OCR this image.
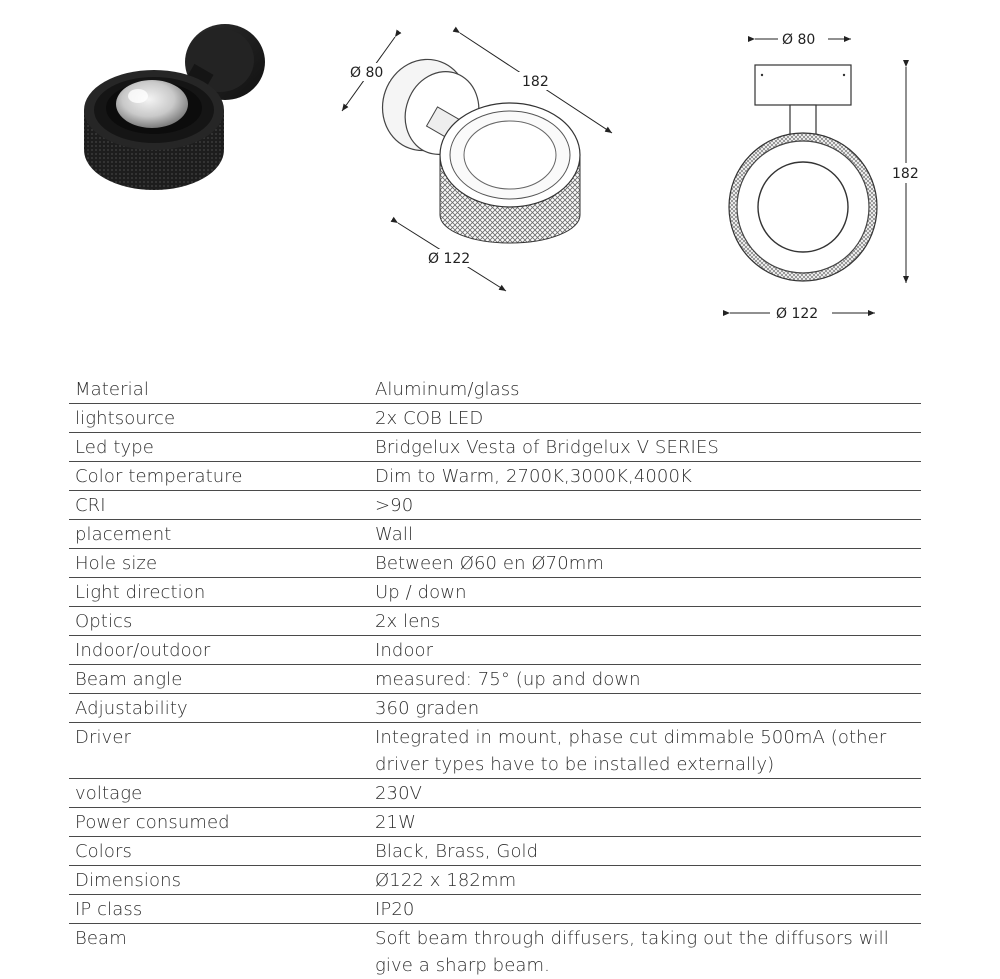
Ø 80
182
Ø 122
Ø 80
182
Ø 122
Material	Aluminum/glass
lightsource	2x COB LED
Led type	Bridgelux Vesta of Bridgelux V SERIES
Color temperature	Dim to Warm, 2700K,3000K,4000K
CRI	>90
placement	Wall
Hole size	Between Ø60 en Ø70mm
Light direction	Up / down
Optics	2x lens
Indoor/outdoor	Indoor
Beam angle	measured: 75° (up and down
Adjustability	360 graden
Driver	Integrated in mount, phase cut dimmable 500mA (other driver types have to be installed externally)
voltage	230V
Power consumed	21W
Colors	Black, Brass, Gold
Dimensions	Ø122 x 182mm
IP class	IP20
Beam	Soft beam through diffusers, taking out the diffusors will give a sharp beam.
